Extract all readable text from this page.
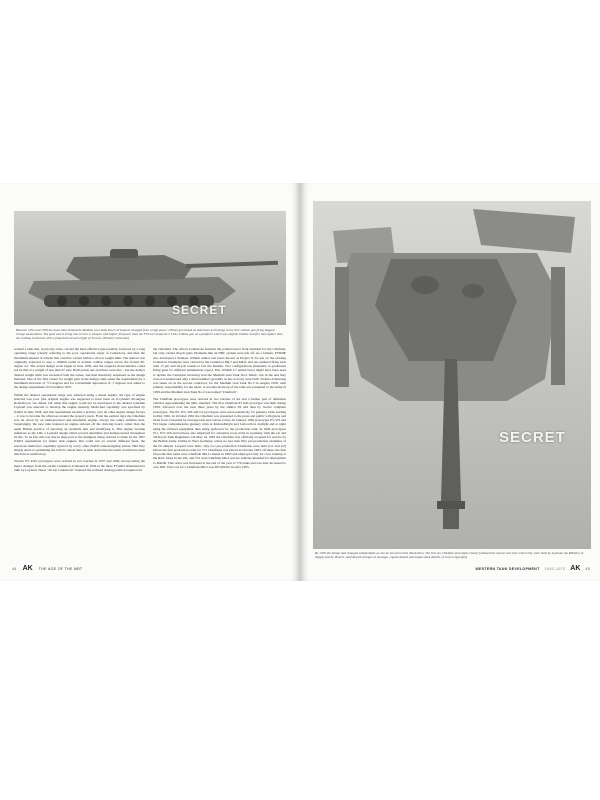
SECRET
Between 1952 and 1958 the basic idea behind the Medium Gun Tank No.2's armament changed from a high power 105mm gun based on American technology to the X23 120mm gun firing bagged charge ammunition. The goal was to bring into service a weapon with higher firepower than the FV214 Conqueror's L1A1 120mm gun on a platform which was slightly smaller and five tons lighter than the existing Centurion with a projected overall weight of 45 tons. (Private Collection)

wanted a tank that, in priority order, carried the most effective gun possible, followed by a long operating range (clearly referring to the poor operational range of Centurion), and then the maximum amount of armour that could be carried within a 45-ton weight limit. The armour was originally expected to stop a 100mm round at normal combat ranges across the frontal 60-degree arc. The actual design work began in June 1956, and the required characteristics could not be met at a weight of less than 47 tons. Both points one and three were met – but the Army's desired weight limit was exceeded from the outset, and then massively surpassed as the design matured. One of the first causes for weight gain in the design came when the requirement for a maximum elevation of +15 degrees and for a maximum depression of -7 degrees was added to the design requirement in November 1957.

Whilst the desired operational range was achieved using a diesel engine, the type of engine selected was poor (the original engine was supposed to have been an 8-cylinder 90-degree Rolls-Royce vee diesel, but when this engine could not be developed to the desired schedule Leyland was selected to develop the engine instead). Multi-fuel capability was specified by NATO in June 1958, and this requirement became a priority over all other engine design factors – it was to become the albatross around the project's neck. From the earliest days the Chieftain was let down by an underpowered and unreliable engine, always the tank's Achilles heel. Surprisingly, the new tank featured an engine ordered off the drawing board, rather than the usual British practice of selecting an available unit and modifying it. This engine became infamous as the L60, a Leyland design which proved unreliable and underpowered throughout its life. To be fair, this was due in large part to the designers being ordered to abide by the 1957 NATO requirement for future tank engines that could run on several different fuels, the notorious multi-fuel capability ignored by every other NATO tank-designing nation. Had they simply stuck to optimising the L60 for diesel there is little doubt that the result would have been much more satisfactory.

Twelve FV 4201 prototypes were ordered in two batches in 1957 and 1960, incorporating the major changes from the earlier Centurion evaluated in 1956 in the three FV4202 demonstrators built by Leyland. These "40-ton Centurions" featured the reclined driving position required for

the Chieftain. The 40-ton Centurions featured the pointed turret front intended for the Chieftain, but only carried 20-pdr guns. Elements like an NBC system were left off. As a failsafe, FVRDE also developed a manless 105mm armed cast turret known as Project X for use on the existing Centurion. Examples were carried by the Centurion Mk.7 and Mk.8, and one endured firing tests with 17-pdr and 20-pdr rounds to test the mantlet. Two configurations (manually re-positioned firing guns for different ammunition types). This 105mm L7 armed turret might have been used to update the Centurion inventory had the Medium Gun Tank No.2 failed– but in the end they were not needed and only a small number (possibly as few as four) were built. Vickers Armstrong was taken on as the second contractor for the Medium Gun Tank No.3 in August 1958, with primary responsibility for the turret. A wooden mock-up of the tank was presented to the Army in 1959 and the Medium Gun Tank No.2 was named "Chieftain".

The Chieftain prototypes were ordered in two batches of six and a further pair of definition vehicles approximating the Mk1 standard. The first Chieftain P1 hull prototype was built during 1959, followed over the next three years by the similar P2 and then by twelve complete prototypes. The P5, W5, W6 and G2 prototypes were used extensively for gunnery trials starting in May 1961. In October 1961 the Chieftain was presented to the press and public with glacis and turret front concealed by stowage bins and canvas covers. In January 1962 prototypes P3, W3 and W4 began comprehensive gunnery trials at Kirkcudbright and Lulworth in daylight and at night using the infrared equipment then being perfected for the production tank. In 1962 prototypes W1, W3, W6 and G2were also employed for extensive troop trials in Germany with the 1st and 5th Royal Tank Regiments. On May 1st 1963 the Chieftain was officially accepted for service by the British Army. Unlike in West Germany, where no less than fifty pre-production examples of the far simpler Leopard were built, only two pre-production Chieftains were built (G1 and G2) before the first production order for 571 Chieftains was placed in October 1963. Of these, the first 26 production tanks were Chieftain Mk.1s issued in 1965 and employed only for crew training at the RAC bases in the UK, and 531 were Chieftain Mk.2 service vehicles intended for deployment to BAOR. This order was increased at the end of the year to 770 tanks and was later increased to over 900. Unit cost for a Chieftain Mk.3 was £87,000.00 in early 1965.

44 AK THE AGE OF THE MBT
SECRET
By 1959 the design had changed substantially as can be seen from this illustration. The first six Chieftain prototypes closely followed the layout seen here where they were built by Leyland, the Ministry of Supply and by Vickers. All featured changes in stowage, cupola details and engine deck details. (Crown Copyright)
WESTERN TANK DEVELOPMENT 1945–1975 AK 45
